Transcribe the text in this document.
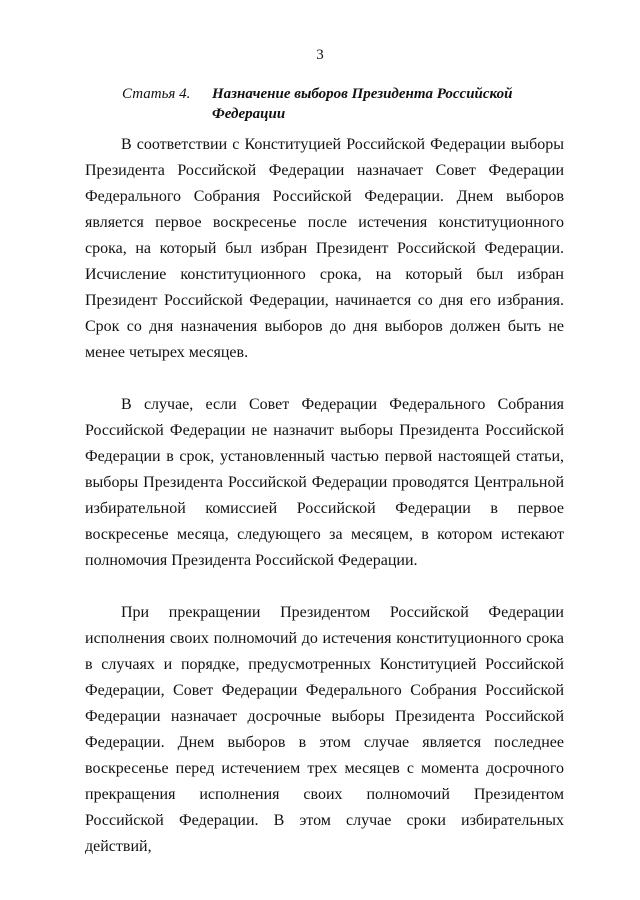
3
Статья 4. Назначение выборов Президента Российской Федерации

В соответствии с Конституцией Российской Федерации выборы Президента Российской Федерации назначает Совет Федерации Федерального Собрания Российской Федерации. Днем выборов является первое воскресенье после истечения конституционного срока, на который был избран Президент Российской Федерации. Исчисление конституционного срока, на который был избран Президент Российской Федерации, начинается со дня его избрания. Срок со дня назначения выборов до дня выборов должен быть не менее четырех месяцев.

В случае, если Совет Федерации Федерального Собрания Российской Федерации не назначит выборы Президента Российской Федерации в срок, установленный частью первой настоящей статьи, выборы Президента Российской Федерации проводятся Центральной избирательной комиссией Российской Федерации в первое воскресенье месяца, следующего за месяцем, в котором истекают полномочия Президента Российской Федерации.

При прекращении Президентом Российской Федерации исполнения своих полномочий до истечения конституционного срока в случаях и порядке, предусмотренных Конституцией Российской Федерации, Совет Федерации Федерального Собрания Российской Федерации назначает досрочные выборы Президента Российской Федерации. Днем выборов в этом случае является последнее воскресенье перед истечением трех месяцев с момента досрочного прекращения исполнения своих полномочий Президентом Российской Федерации. В этом случае сроки избирательных действий,
